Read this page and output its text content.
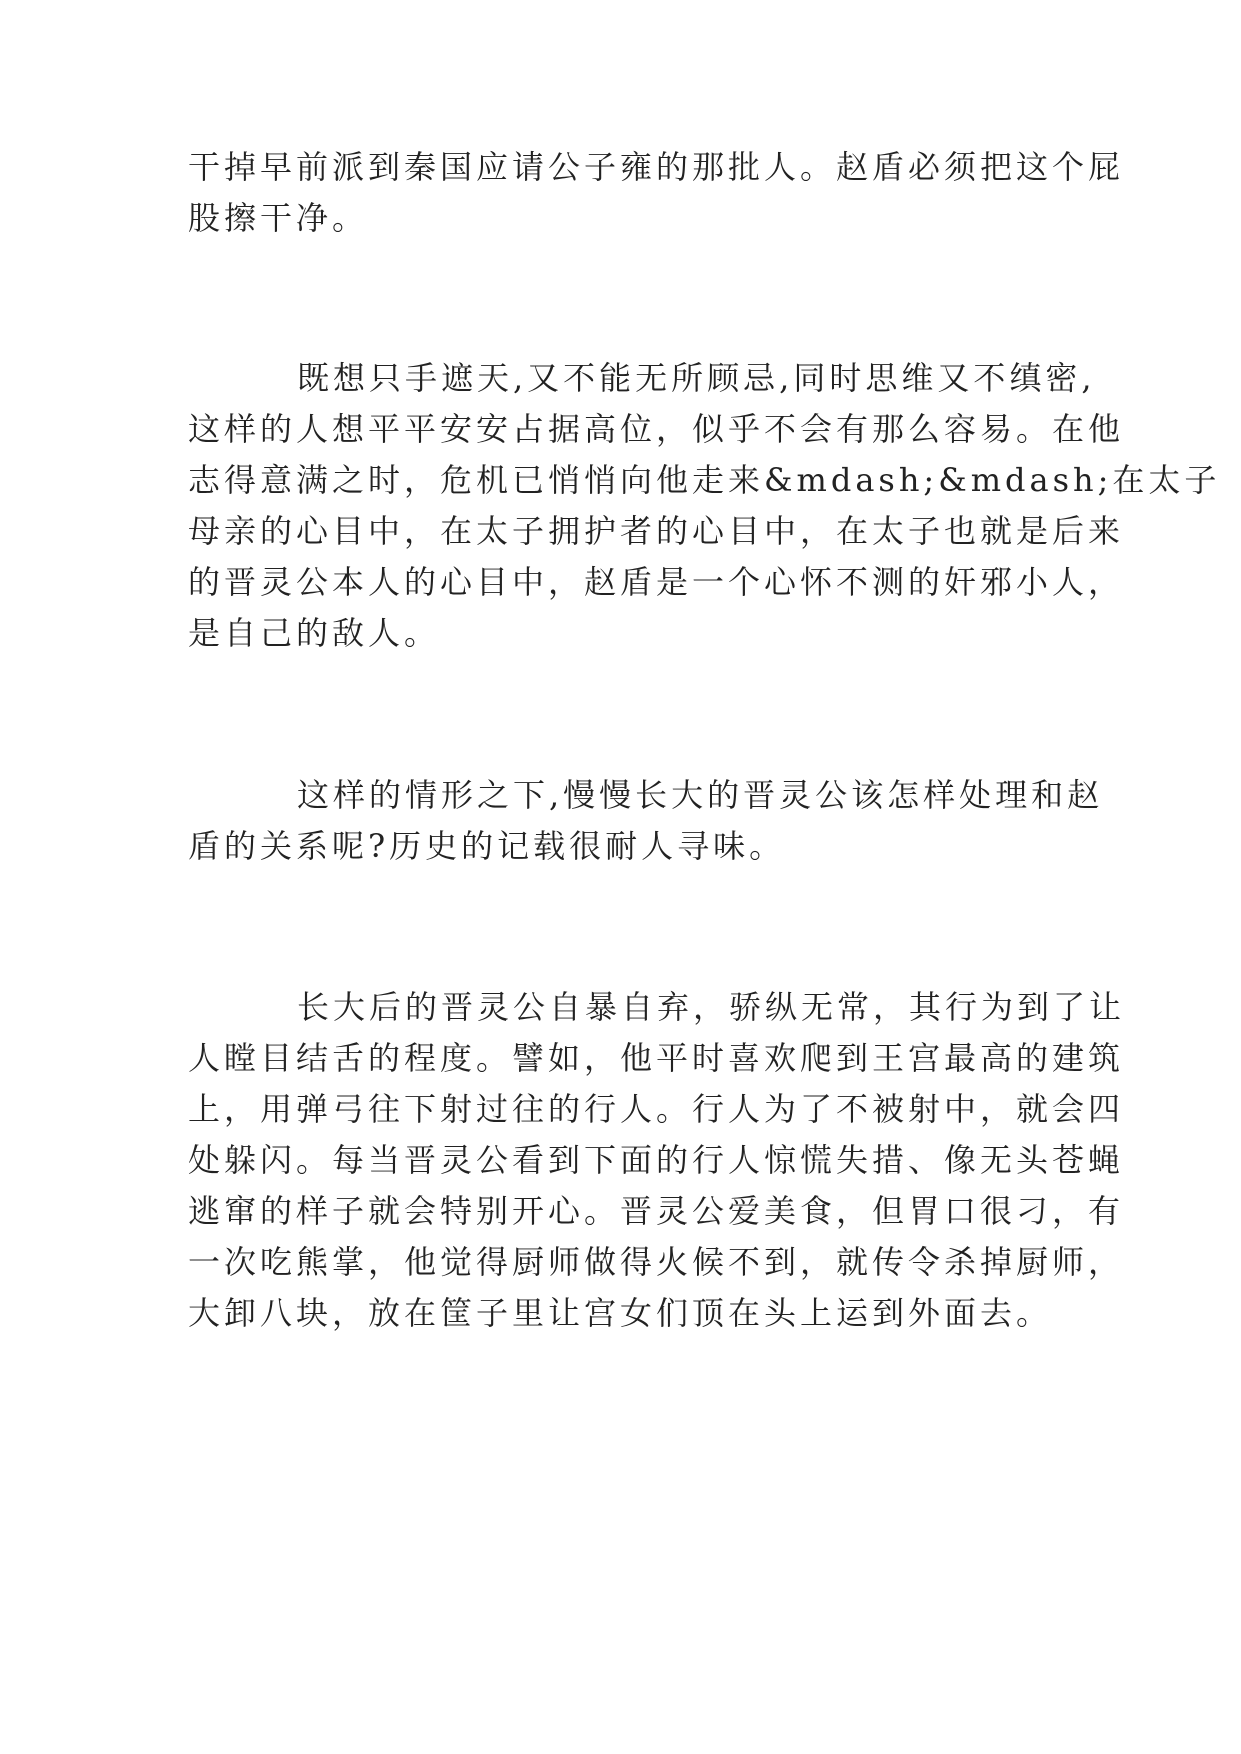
干掉早前派到秦国应请公子雍的那批人。赵盾必须把这个屁
股擦干净。
既想只手遮天,又不能无所顾忌,同时思维又不缜密,
这样的人想平平安安占据高位，似乎不会有那么容易。在他
志得意满之时，危机已悄悄向他走来&mdash;&mdash;在太子
母亲的心目中，在太子拥护者的心目中，在太子也就是后来
的晋灵公本人的心目中，赵盾是一个心怀不测的奸邪小人，
是自己的敌人。
这样的情形之下,慢慢长大的晋灵公该怎样处理和赵
盾的关系呢?历史的记载很耐人寻味。
长大后的晋灵公自暴自弃，骄纵无常，其行为到了让
人瞠目结舌的程度。譬如，他平时喜欢爬到王宫最高的建筑
上，用弹弓往下射过往的行人。行人为了不被射中，就会四
处躲闪。每当晋灵公看到下面的行人惊慌失措、像无头苍蝇
逃窜的样子就会特别开心。晋灵公爱美食，但胃口很刁，有
一次吃熊掌，他觉得厨师做得火候不到，就传令杀掉厨师，
大卸八块，放在筐子里让宫女们顶在头上运到外面去。
